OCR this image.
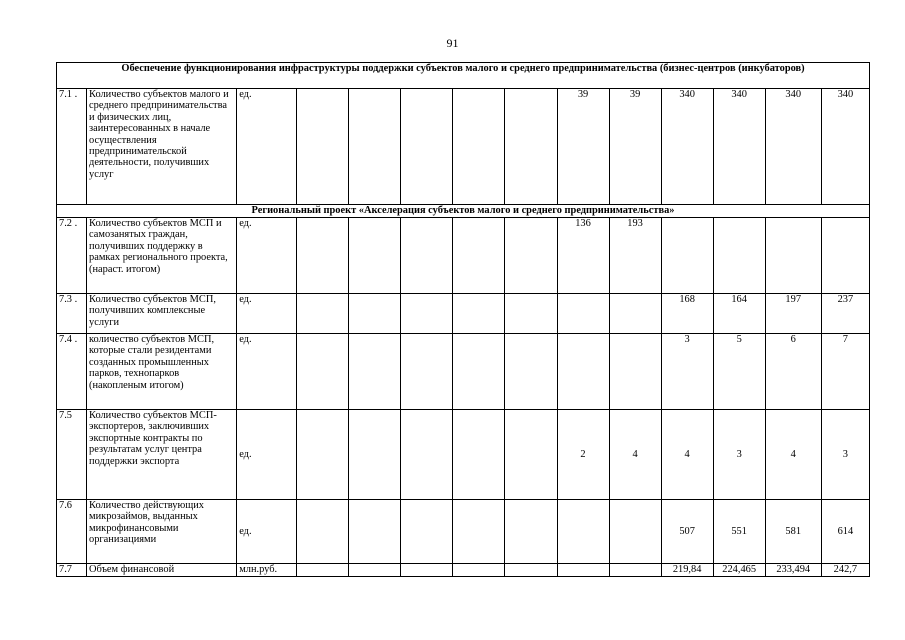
91
Обеспечение функционирования инфраструктуры поддержки субъектов малого и среднего предпринимательства (бизнес-центров (инкубаторов)													
7.1 .	Количество субъектов малого и среднего предпринимательства и физических лиц, заинтересованных в начале осуществления предпринимательской деятельности, получивших услуг	ед.						39	39	340	340	340	340
Региональный проект «Акселерация субъектов малого и среднего предпринимательства»													
7.2 .	Количество субъектов МСП и самозанятых граждан, получивших поддержку в рамках регионального проекта, (нараст. итогом)	ед.						136	193				
7.3 .	Количество субъектов МСП, получивших комплексные услуги	ед.								168	164	197	237
7.4 .	количество субъектов МСП, которые стали резидентами созданных промышленных парков, технопарков (накопленым итогом)	ед.								3	5	6	7
7.5	Количество субъектов МСП-экспортеров, заключивших экспортные контракты по результатам услуг центра поддержки экспорта	ед.						2	4	4	3	4	3
7.6	Количество действующих микрозаймов, выданных микрофинансовыми организациями	ед.								507	551	581	614
7.7	Объем финансовой	млн.руб.								219,84	224,465	233,494	242,7
